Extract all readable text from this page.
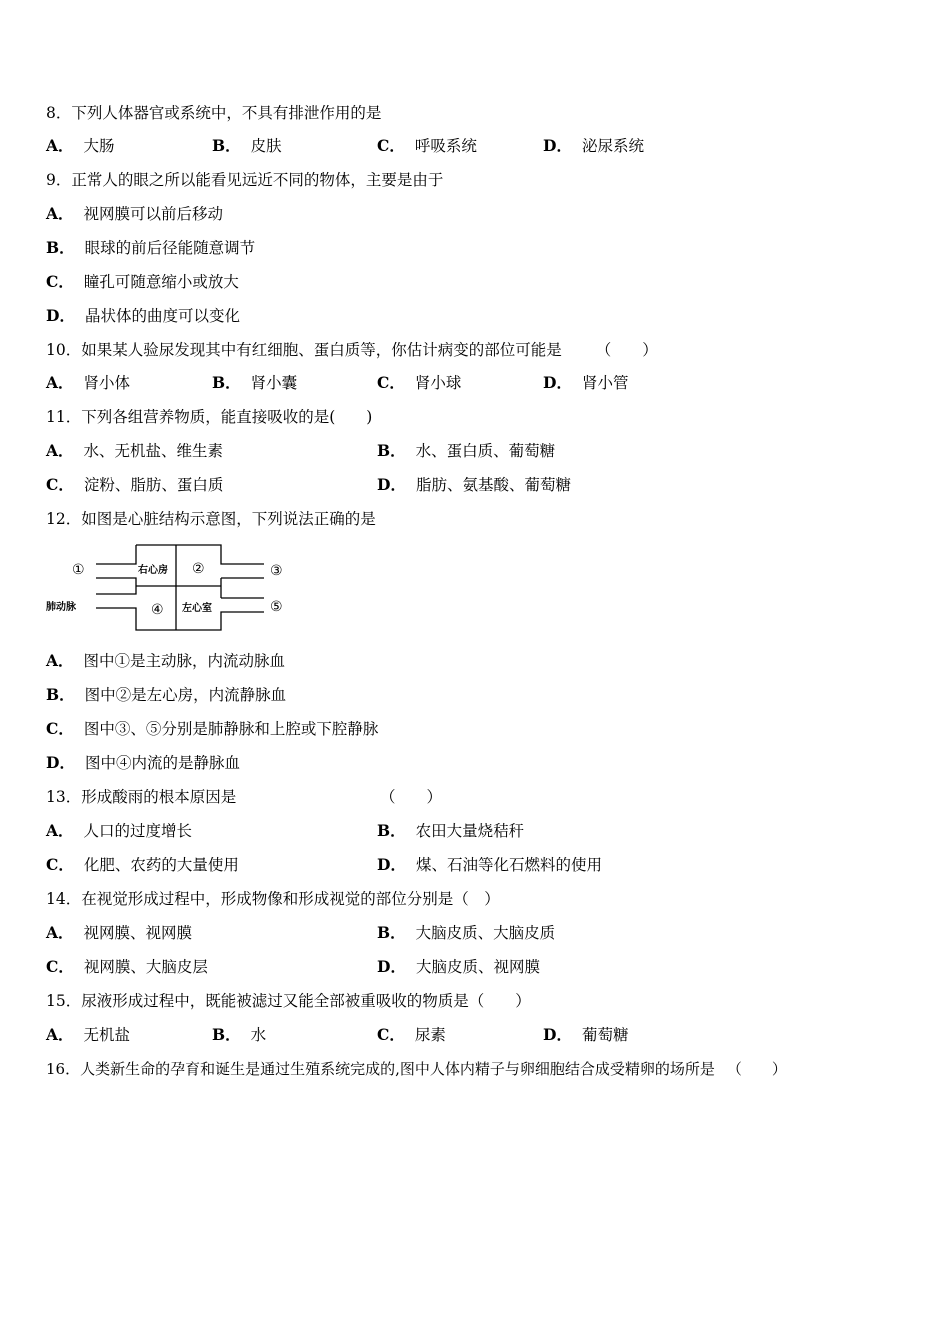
8．下列人体器官或系统中，不具有排泄作用的是
A． 大肠	B． 皮肤	C． 呼吸系统	D． 泌尿系统
9．正常人的眼之所以能看见远近不同的物体，主要是由于
A． 视网膜可以前后移动
B． 眼球的前后径能随意调节
C． 瞳孔可随意缩小或放大
D． 晶状体的曲度可以变化
10．如果某人验尿发现其中有红细胞、蛋白质等，你估计病变的部位可能是 （　　）
A． 肾小体	B． 肾小囊	C． 肾小球	D． 肾小管
11．下列各组营养物质，能直接吸收的是(　　)
A． 水、无机盐、维生素	B． 水、蛋白质、葡萄糖
C． 淀粉、脂肪、蛋白质	D． 脂肪、氨基酸、葡萄糖
12．如图是心脏结构示意图，下列说法正确的是
①	②	③
④	⑤
右心房
左心室
肺动脉
A． 图中①是主动脉，内流动脉血
B． 图中②是左心房，内流静脉血
C． 图中③、⑤分别是肺静脉和上腔或下腔静脉
D． 图中④内流的是静脉血
13．形成酸雨的根本原因是	（　　）
A． 人口的过度增长	B． 农田大量烧秸秆
C． 化肥、农药的大量使用	D． 煤、石油等化石燃料的使用
14．在视觉形成过程中，形成物像和形成视觉的部位分别是（　）
A． 视网膜、视网膜	B． 大脑皮质、大脑皮质
C． 视网膜、大脑皮层	D． 大脑皮质、视网膜
15．尿液形成过程中，既能被滤过又能全部被重吸收的物质是（　　）
A． 无机盐	B． 水	C． 尿素	D． 葡萄糖
16．人类新生命的孕育和诞生是通过生殖系统完成的,图中人体内精子与卵细胞结合成受精卵的场所是 （　　）
